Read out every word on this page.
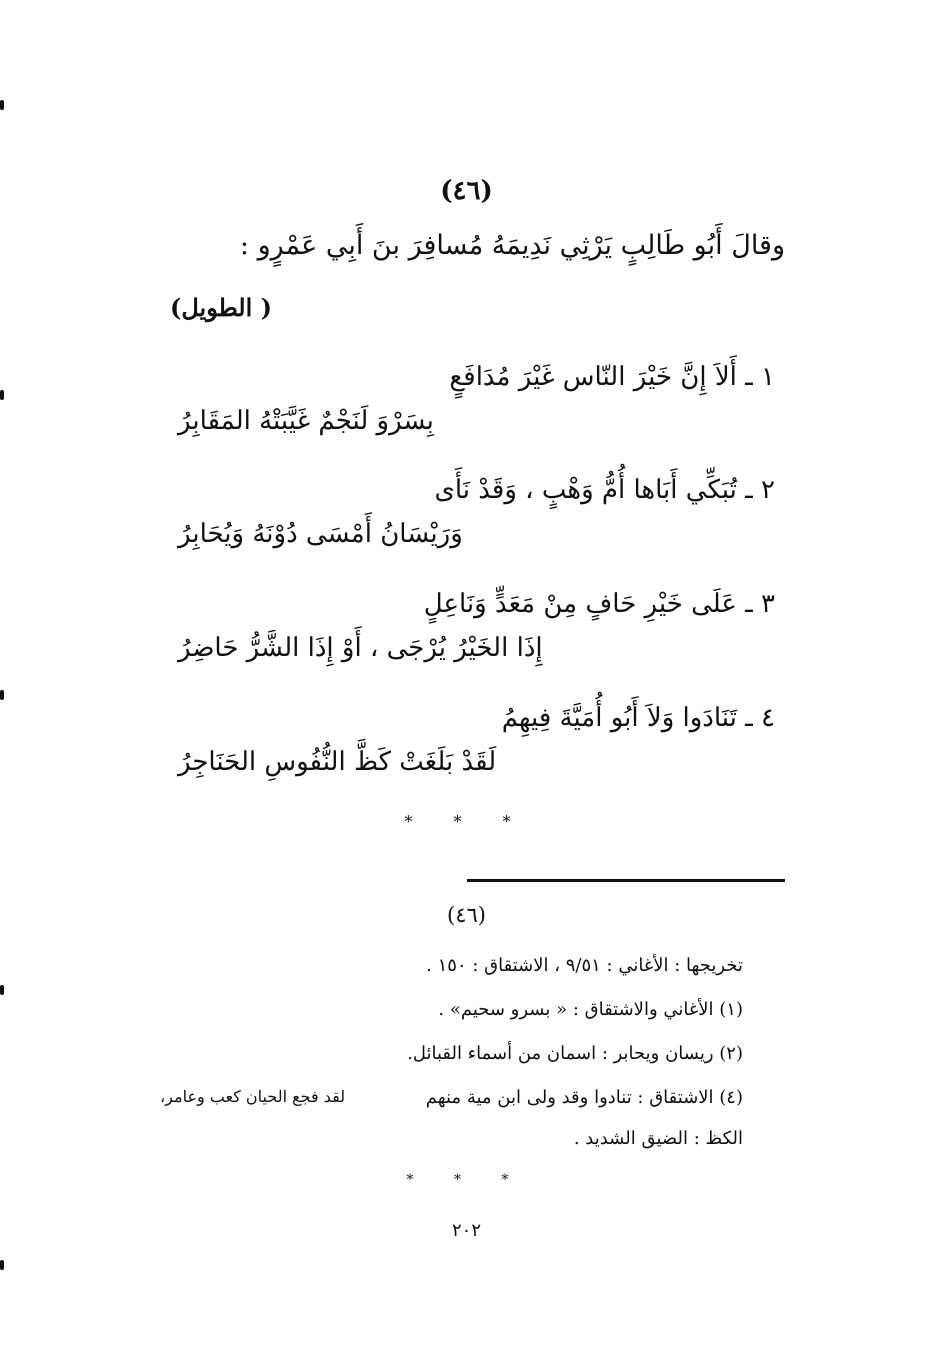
(٤٦)
وقالَ أَبُو طَالِبٍ يَرْثِي نَدِيمَهُ مُسافِرَ بنَ أَبِي عَمْرٍو :
( الطويل)
١ ـ أَلاَ إِنَّ خَيْرَ النّاس غَيْرَ مُدَافَعٍ
بِسَرْوَ لَنَجْمٌ غَيَّبَتْهُ المَقَابِرُ
٢ ـ تُبَكِّي أَبَاها أُمُّ وَهْبٍ ، وَقَدْ نَأَى
وَرَيْسَانُ أَمْسَى دُوْنَهُ وَيُحَابِرُ
٣ ـ عَلَى خَيْرِ حَافٍ مِنْ مَعَدٍّ وَنَاعِلٍ
إِذَا الخَيْرُ يُرْجَى ، أَوْ إِذَا الشَّرُّ حَاضِرُ
٤ ـ تَنَادَوا وَلاَ أَبُو أُمَيَّةَ فِيهِمُ
لَقَدْ بَلَغَتْ كَظَّ النُّفُوسِ الحَنَاجِرُ
* * *
(٤٦)
تخريجها : الأغاني : ٩/٥١ ، الاشتقاق : ١٥٠ .
(١) الأغاني والاشتقاق : « بسرو سحيم» .
(٢) ريسان ويحابر : اسمان من أسماء القبائل.
(٤) الاشتقاق : تنادوا وقد ولى ابن مية منهم
لقد فجع الحيان كعب وعامر،
الكظ : الضيق الشديد .
* * *
٢٠٢
